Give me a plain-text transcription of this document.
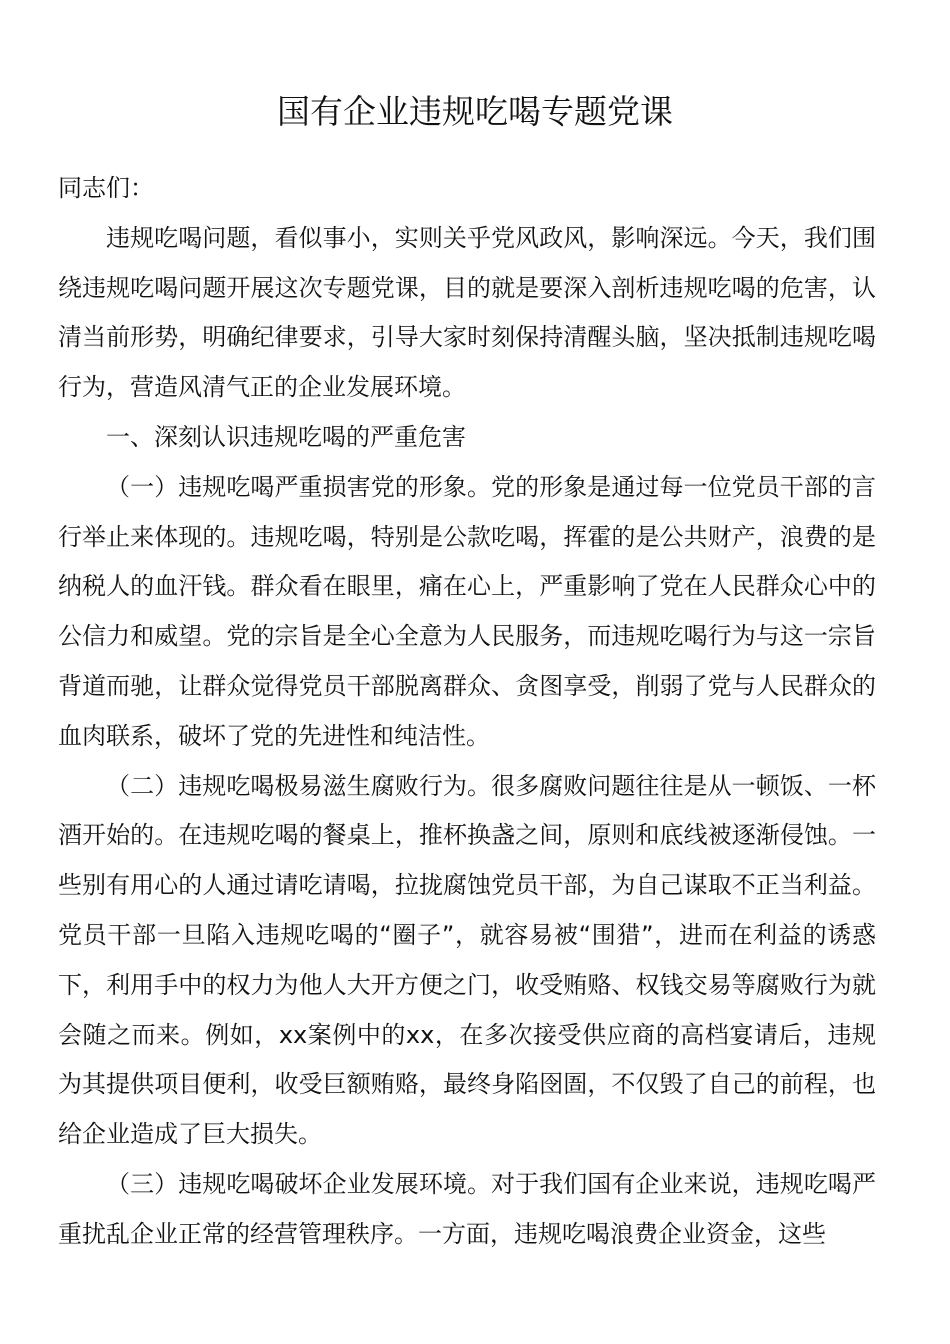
国有企业违规吃喝专题党课

同志们：

违规吃喝问题，看似事小，实则关乎党风政风，影响深远。今天，我们围绕违规吃喝问题开展这次专题党课，目的就是要深入剖析违规吃喝的危害，认清当前形势，明确纪律要求，引导大家时刻保持清醒头脑，坚决抵制违规吃喝行为，营造风清气正的企业发展环境。

一、深刻认识违规吃喝的严重危害

（一）违规吃喝严重损害党的形象。党的形象是通过每一位党员干部的言行举止来体现的。违规吃喝，特别是公款吃喝，挥霍的是公共财产，浪费的是纳税人的血汗钱。群众看在眼里，痛在心上，严重影响了党在人民群众心中的公信力和威望。党的宗旨是全心全意为人民服务，而违规吃喝行为与这一宗旨背道而驰，让群众觉得党员干部脱离群众、贪图享受，削弱了党与人民群众的血肉联系，破坏了党的先进性和纯洁性。

（二）违规吃喝极易滋生腐败行为。很多腐败问题往往是从一顿饭、一杯酒开始的。在违规吃喝的餐桌上，推杯换盏之间，原则和底线被逐渐侵蚀。一些别有用心的人通过请吃请喝，拉拢腐蚀党员干部，为自己谋取不正当利益。党员干部一旦陷入违规吃喝的“圈子”，就容易被“围猎”，进而在利益的诱惑下，利用手中的权力为他人大开方便之门，收受贿赂、权钱交易等腐败行为就会随之而来。例如，xx案例中的xx，在多次接受供应商的高档宴请后，违规为其提供项目便利，收受巨额贿赂，最终身陷囹圄，不仅毁了自己的前程，也给企业造成了巨大损失。

（三）违规吃喝破坏企业发展环境。对于我们国有企业来说，违规吃喝严重扰乱企业正常的经营管理秩序。一方面，违规吃喝浪费企业资金，这些
